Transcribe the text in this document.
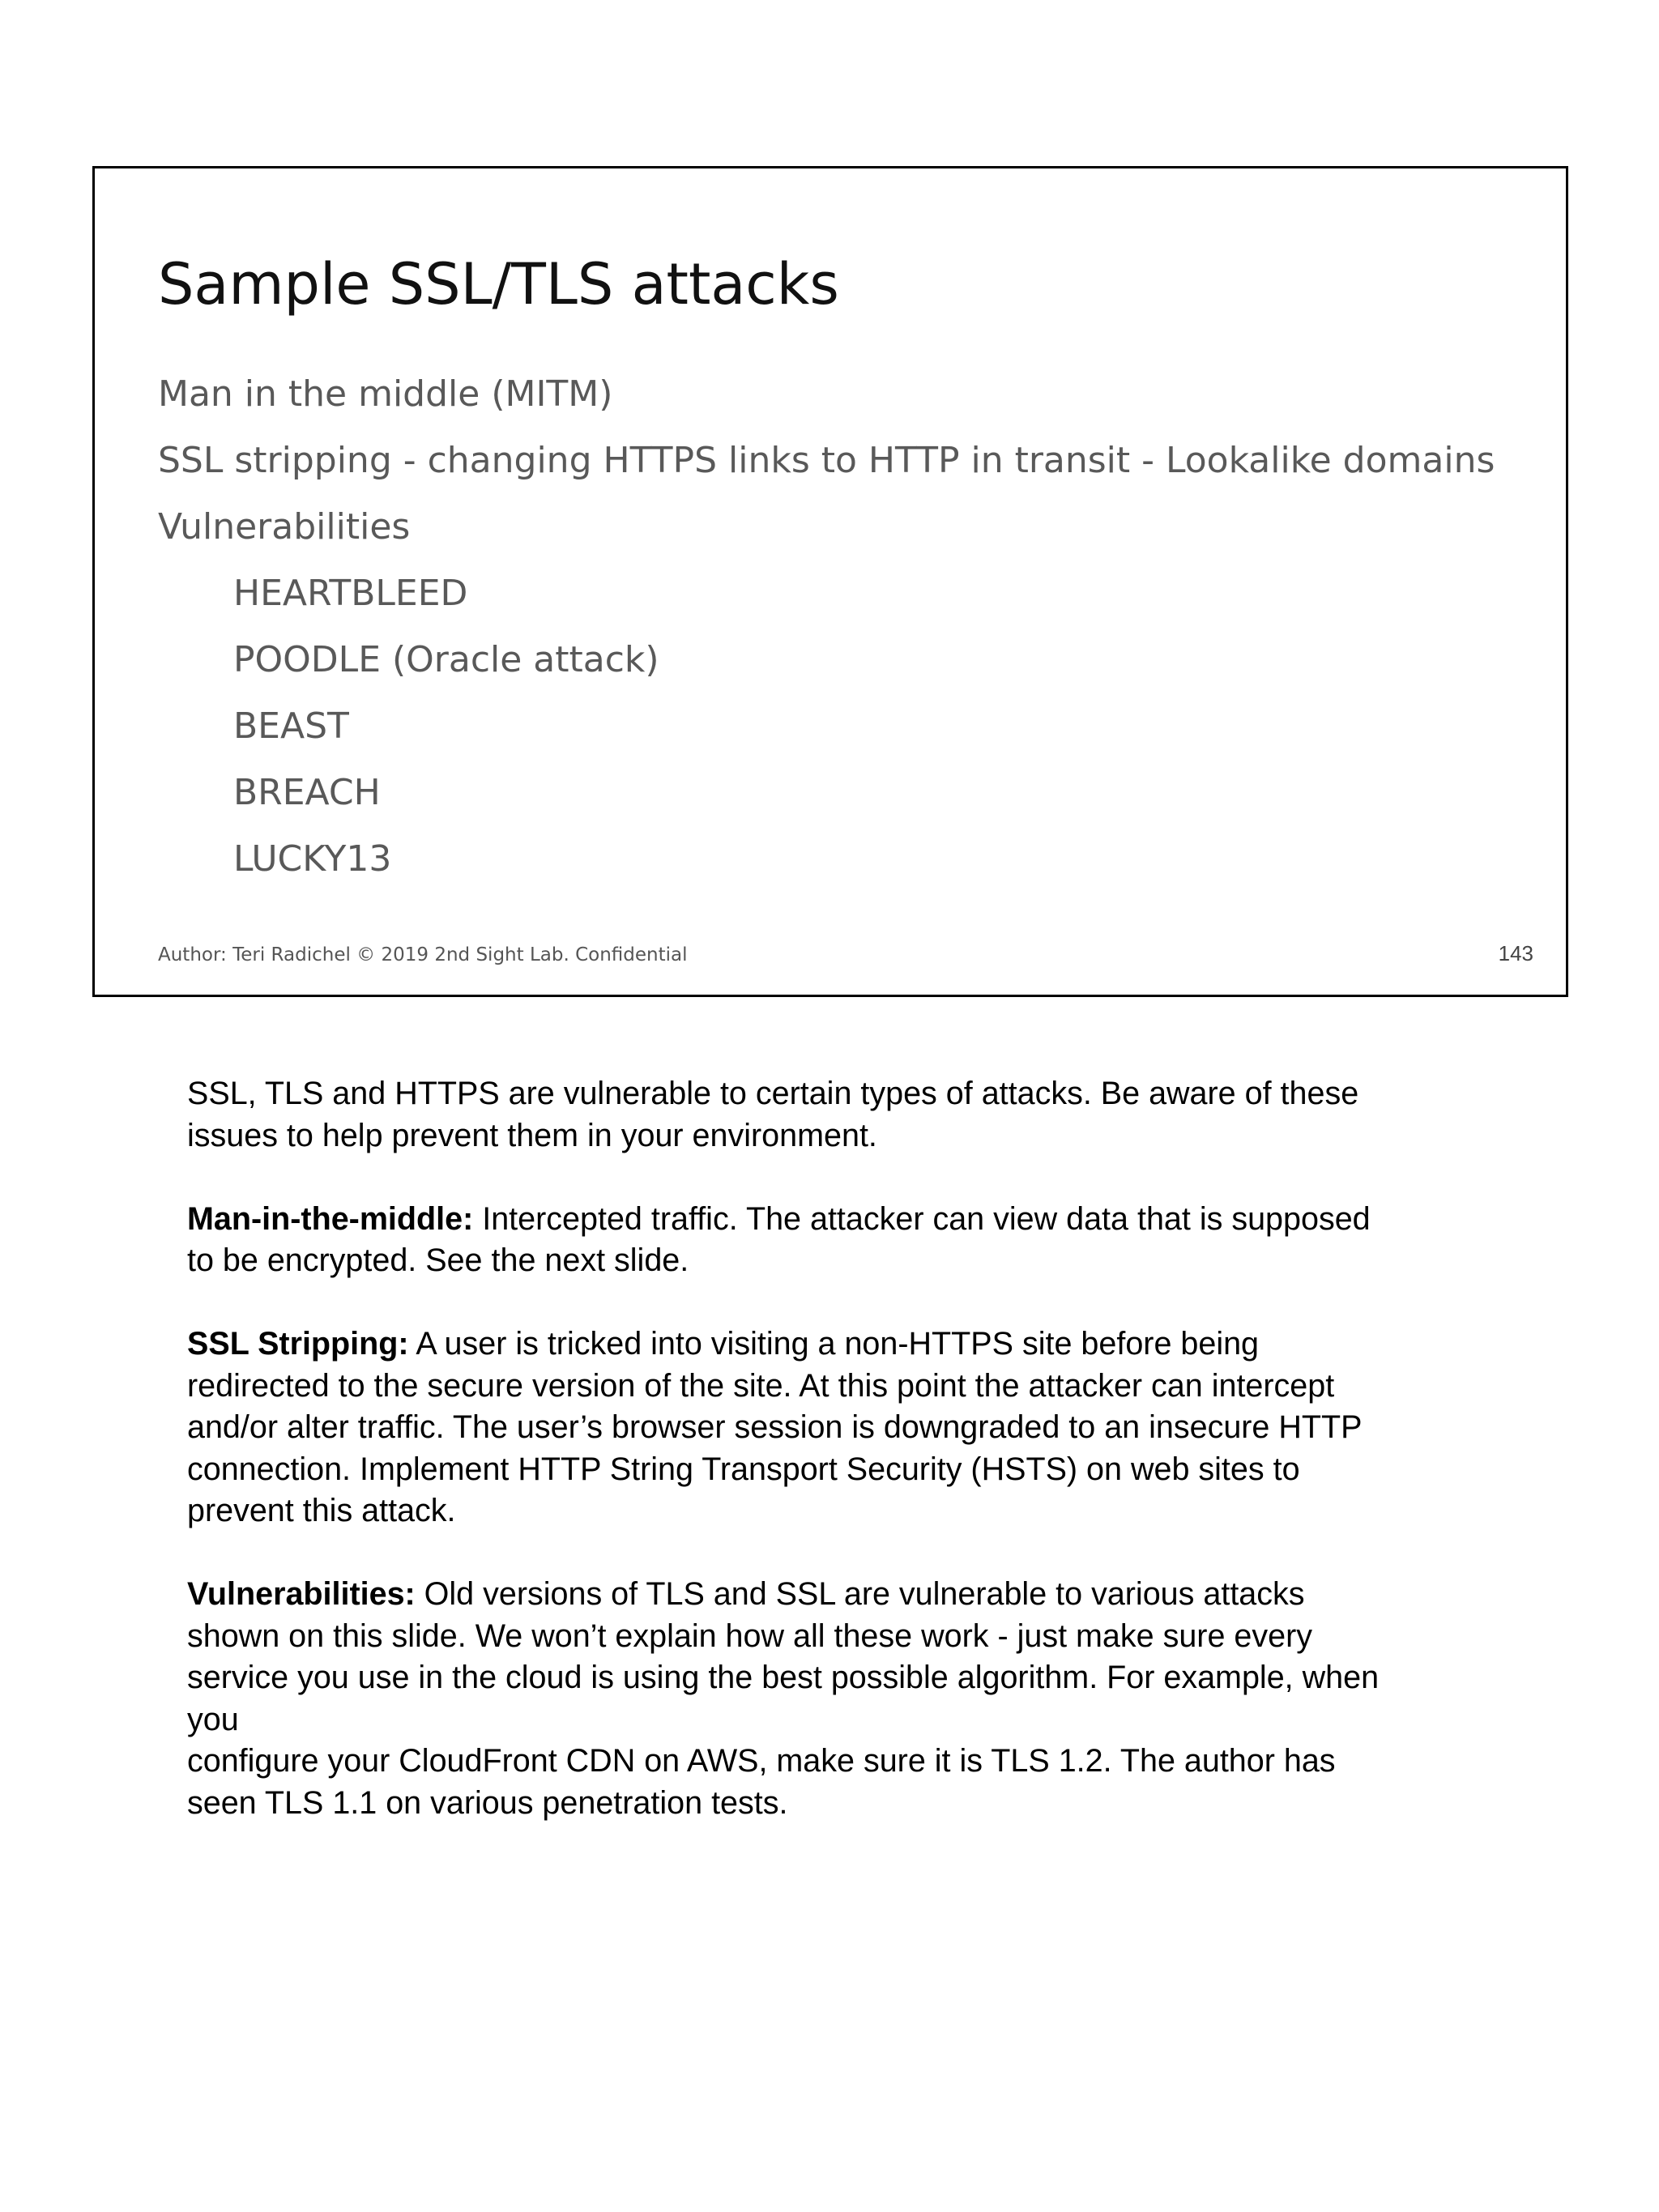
Sample SSL/TLS attacks
Man in the middle (MITM)
SSL stripping - changing HTTPS links to HTTP in transit - Lookalike domains
Vulnerabilities
HEARTBLEED
POODLE (Oracle attack)
BEAST
BREACH
LUCKY13
Author: Teri Radichel © 2019 2nd Sight Lab. Confidential	143

SSL, TLS and HTTPS are vulnerable to certain types of attacks. Be aware of these
issues to help prevent them in your environment.

Man-in-the-middle: Intercepted traffic. The attacker can view data that is supposed
to be encrypted. See the next slide.

SSL Stripping: A user is tricked into visiting a non-HTTPS site before being
redirected to the secure version of the site. At this point the attacker can intercept
and/or alter traffic. The user’s browser session is downgraded to an insecure HTTP
connection. Implement HTTP String Transport Security (HSTS) on web sites to
prevent this attack.

Vulnerabilities: Old versions of TLS and SSL are vulnerable to various attacks
shown on this slide. We won’t explain how all these work - just make sure every
service you use in the cloud is using the best possible algorithm. For example, when
you
configure your CloudFront CDN on AWS, make sure it is TLS 1.2. The author has
seen TLS 1.1 on various penetration tests.
